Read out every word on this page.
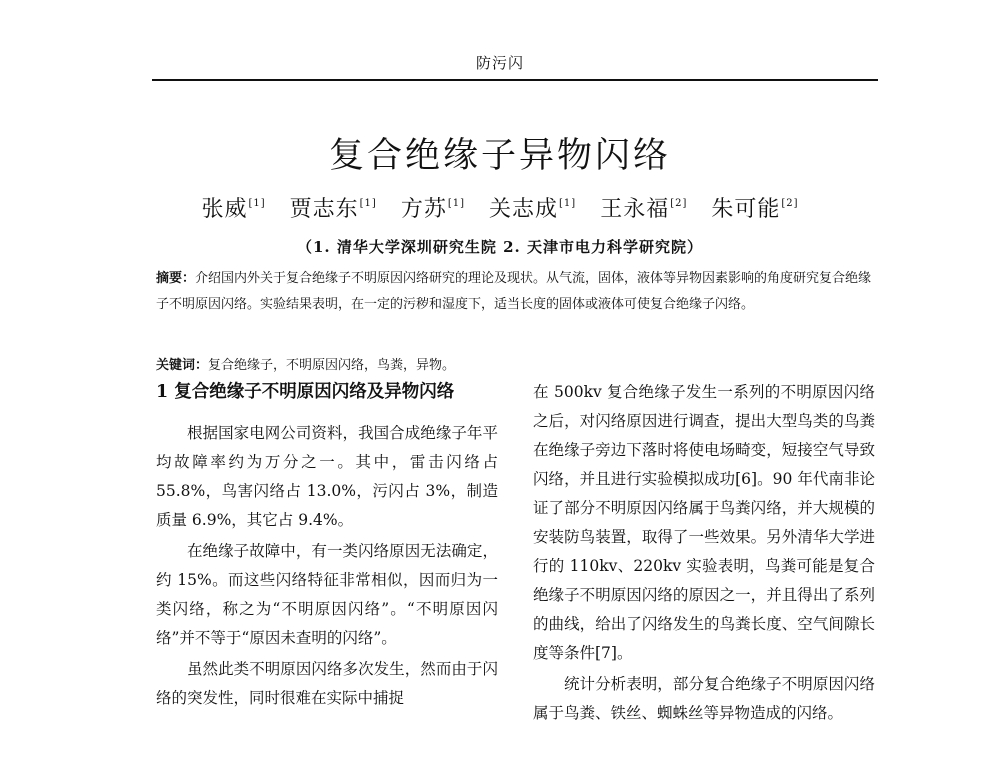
防污闪
复合绝缘子异物闪络
张威[1] 贾志东[1] 方苏[1] 关志成[1] 王永福[2] 朱可能[2]
（1. 清华大学深圳研究生院 2. 天津市电力科学研究院）

摘要：介绍国内外关于复合绝缘子不明原因闪络研究的理论及现状。从气流，固体，液体等异物因素影响的角度研究复合绝缘子不明原因闪络。实验结果表明，在一定的污秽和湿度下，适当长度的固体或液体可使复合绝缘子闪络。

关键词：复合绝缘子，不明原因闪络，鸟粪，异物。

1 复合绝缘子不明原因闪络及异物闪络

根据国家电网公司资料，我国合成绝缘子年平均故障率约为万分之一。其中，雷击闪络占 55.8%，鸟害闪络占 13.0%，污闪占 3%，制造质量 6.9%，其它占 9.4%。

在绝缘子故障中，有一类闪络原因无法确定，约 15%。而这些闪络特征非常相似，因而归为一类闪络，称之为“不明原因闪络”。“不明原因闪络”并不等于“原因未查明的闪络”。

虽然此类不明原因闪络多次发生，然而由于闪络的突发性，同时很难在实际中捕捉

在 500kv 复合绝缘子发生一系列的不明原因闪络之后，对闪络原因进行调查，提出大型鸟类的鸟粪在绝缘子旁边下落时将使电场畸变，短接空气导致闪络，并且进行实验模拟成功[6]。90 年代南非论证了部分不明原因闪络属于鸟粪闪络，并大规模的安装防鸟装置，取得了一些效果。另外清华大学进行的 110kv、220kv 实验表明，鸟粪可能是复合绝缘子不明原因闪络的原因之一，并且得出了系列的曲线，给出了闪络发生的鸟粪长度、空气间隙长度等条件[7]。

统计分析表明，部分复合绝缘子不明原因闪络属于鸟粪、铁丝、蜘蛛丝等异物造成的闪络。
